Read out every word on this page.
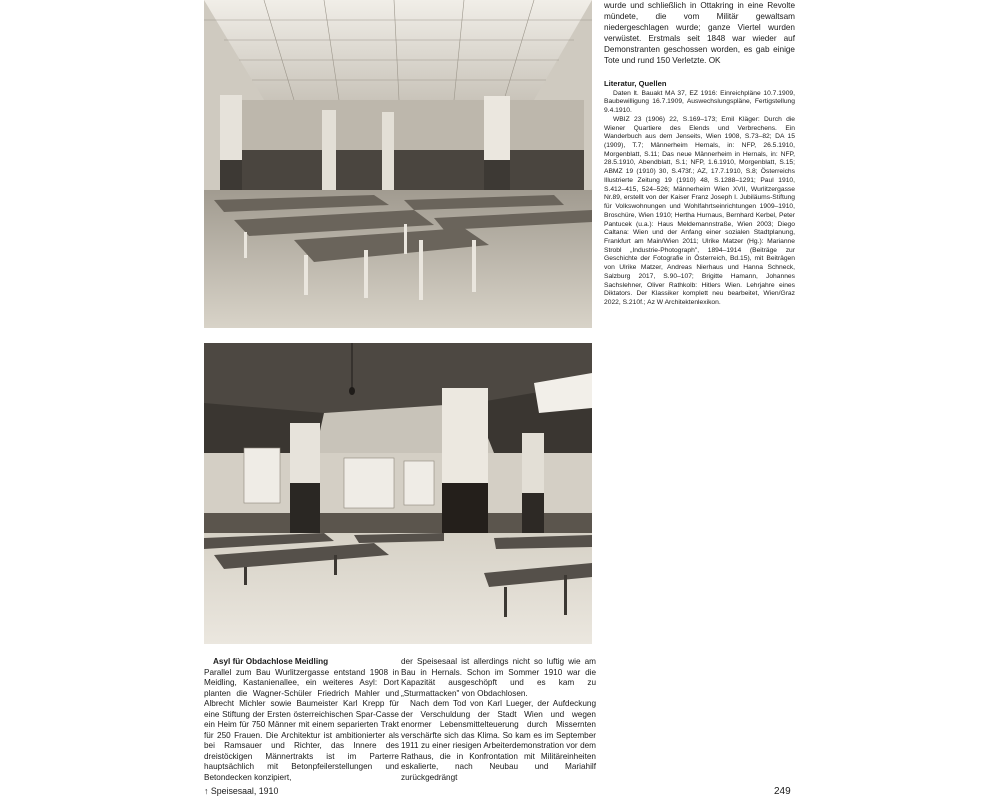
wurde und schließlich in Ottakring in eine Revolte mündete, die vom Militär gewaltsam niedergeschlagen wurde; ganze Viertel wurden verwüstet. Erstmals seit 1848 war wieder auf Demonstranten geschossen worden, es gab einige Tote und rund 150 Verletzte. OK

Literatur, Quellen

Daten lt. Bauakt MA 37, EZ 1916: Einreichpläne 10.7.1909, Baubewilligung 16.7.1909, Auswechslungspläne, Fertigstellung 9.4.1910.

WBIZ 23 (1906) 22, S.169–173; Emil Kläger: Durch die Wiener Quartiere des Elends und Verbrechens. Ein Wanderbuch aus dem Jenseits, Wien 1908, S.73–82; DA 15 (1909), T.7; Männerheim Hernals, in: NFP, 26.5.1910, Morgenblatt, S.11; Das neue Männerheim in Hernals, in: NFP, 28.5.1910, Abendblatt, S.1; NFP, 1.6.1910, Morgenblatt, S.15; ABMZ 19 (1910) 30, S.473f.; AZ, 17.7.1910, S.8; Österreichs Illustrierte Zeitung 19 (1910) 48, S.1288–1291; Paul 1910, S.412–415, 524–526; Männerheim Wien XVII, Wurlitzergasse Nr.89, erstellt von der Kaiser Franz Joseph I. Jubiläums-Stiftung für Volkswohnungen und Wohlfahrtseinrichtungen 1909–1910, Broschüre, Wien 1910; Hertha Hurnaus, Bernhard Kerbel, Peter Pantucek (u.a.): Haus Meldemannstraße, Wien 2003; Diego Caltana: Wien und der Anfang einer sozialen Stadtplanung, Frankfurt am Main/Wien 2011; Ulrike Matzer (Hg.): Marianne Strobl „Industrie-Photograph", 1894–1914 (Beiträge zur Geschichte der Fotografie in Österreich, Bd.15), mit Beiträgen von Ulrike Matzer, Andreas Nierhaus und Hanna Schneck, Salzburg 2017, S.90–107; Brigitte Hamann, Johannes Sachslehner, Oliver Rathkolb: Hitlers Wien. Lehrjahre eines Diktators. Der Klassiker komplett neu bearbeitet, Wien/Graz 2022, S.210f.; Az W Architektenlexikon.

Asyl für Obdachlose Meidling

Parallel zum Bau Wurlitzergasse entstand 1908 in Meidling, Kastanienallee, ein weiteres Asyl: Dort planten die Wagner-Schüler Friedrich Mahler und Albrecht Michler sowie Baumeister Karl Krepp für eine Stiftung der Ersten österreichischen Spar-Casse ein Heim für 750 Männer mit einem separierten Trakt für 250 Frauen. Die Architektur ist ambitionierter als bei Ramsauer und Richter, das Innere des dreistöckigen Männertrakts ist im Parterre hauptsächlich mit Betonpfeilerstellungen und Betondecken konzipiert,

der Speisesaal ist allerdings nicht so luftig wie am Bau in Hernals. Schon im Sommer 1910 war die Kapazität ausgeschöpft und es kam zu „Sturmattacken" von Obdachlosen.

Nach dem Tod von Karl Lueger, der Aufdeckung der Verschuldung der Stadt Wien und wegen enormer Lebensmittelteuerung durch Missernten verschärfte sich das Klima. So kam es im September 1911 zu einer riesigen Arbeiterdemonstration vor dem Rathaus, die in Konfrontation mit Militäreinheiten eskalierte, nach Neubau und Mariahilf zurückgedrängt

↑ Speisesaal, 1910	249
